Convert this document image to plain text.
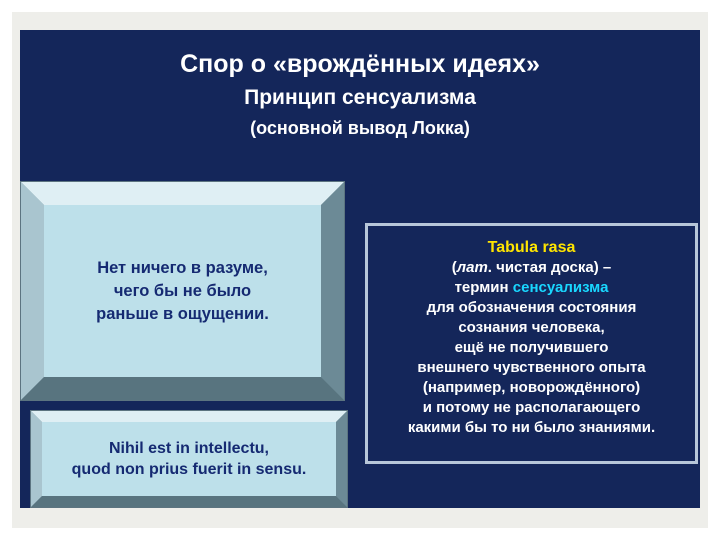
Спор о «врождённых идеях»
Принцип сенсуализма
(основной вывод Локка)
Нет ничего в разуме,
чего бы не было
раньше в ощущении.
Nihil est in intellectu,
quod non prius fuerit in sensu.
Tabula rasa
(лат. чистая доска) –
термин сенсуализма
для обозначения состояния
сознания человека,
ещё не получившего
внешнего чувственного опыта
(например, новорождённого)
и потому не располагающего
какими бы то ни было знаниями.
